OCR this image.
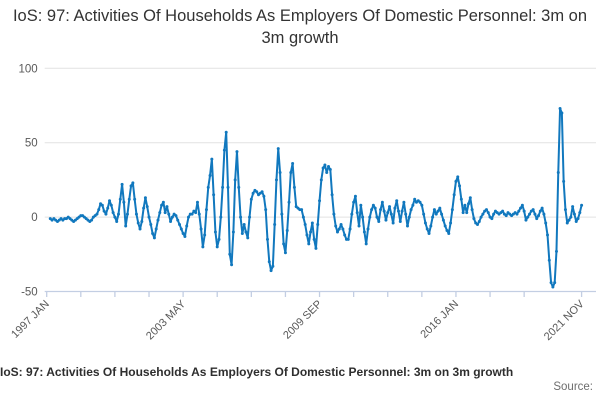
IoS: 97: Activities Of Households As Employers Of Domestic Personnel: 3m on 3m growth
1997 JAN	2003 MAY	2009 SEP	2016 JAN	2021 NOV
-50
0
50
100
IoS: 97: Activities Of Households As Employers Of Domestic Personnel: 3m on 3m growth
Source:
